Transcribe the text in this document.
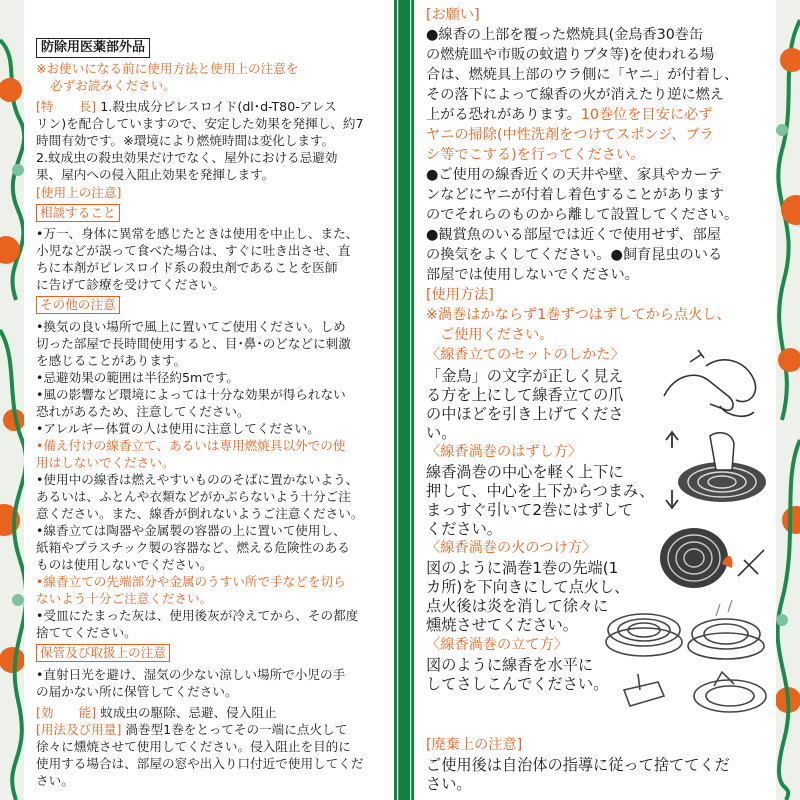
防除用医薬部外品
※お使いになる前に使用方法と使用上の注意を
必ずお読みください。
[特　　長] 1.殺虫成分ピレスロイド(dl･d-T80-アレス
リン)を配合していますので、安定した効果を発揮し、約7
時間有効です。※環境により燃焼時間は変化します。
2.蚊成虫の殺虫効果だけでなく、屋外における忌避効
果、屋内への侵入阻止効果を発揮します。
[使用上の注意]
相談すること
•万一、身体に異常を感じたときは使用を中止し、また、
小児などが誤って食べた場合は、すぐに吐き出させ、直
ちに本剤がピレスロイド系の殺虫剤であることを医師
に告げて診療を受けてください。
その他の注意
•換気の良い場所で風上に置いてご使用ください。しめ
切った部屋で長時間使用すると、目･鼻･のどなどに刺激
を感じることがあります。
•忌避効果の範囲は半径約5mです。
•風の影響など環境によっては十分な効果が得られない
恐れがあるため、注意してください。
•アレルギー体質の人は使用に注意してください。
•備え付けの線香立て、あるいは専用燃焼具以外での使
用はしないでください。
•使用中の線香は燃えやすいもののそばに置かないよう、
あるいは、ふとんや衣類などがかぶらないよう十分ご注
意ください。また、線香が倒れないようご注意ください。
•線香立ては陶器や金属製の容器の上に置いて使用し、
紙箱やプラスチック製の容器など、燃える危険性のある
ものは使用しないでください。
•線香立ての先端部分や金属のうすい所で手などを切ら
ないよう十分ご注意ください。
•受皿にたまった灰は、使用後灰が冷えてから、その都度
捨ててください。
保管及び取扱上の注意
•直射日光を避け、湿気の少ない涼しい場所で小児の手
の届かない所に保管してください。
[効　　能] 蚊成虫の駆除、忌避、侵入阻止
[用法及び用量] 渦巻型1巻をとってその一端に点火して
徐々に燻焼させて使用してください。侵入阻止を目的に
使用する場合は、部屋の窓や出入り口付近で使用してくだ
さい。
[お願い]
●線香の上部を覆った燃焼具(金鳥香30巻缶
の燃焼皿や市販の蚊遣りブタ等)を使われる場
合は、燃焼具上部のウラ側に「ヤニ」が付着し、
その落下によって線香の火が消えたり逆に燃え
上がる恐れがあります。10巻位を目安に必ず
ヤニの掃除(中性洗剤をつけてスポンジ、ブラ
シ等でこする)を行ってください。
●ご使用の線香近くの天井や壁、家具やカーテ
ンなどにヤニが付着し着色することがあります
のでそれらのものから離して設置してください。
●観賞魚のいる部屋では近くで使用せず、部屋
の換気をよくしてください。●飼育昆虫のいる
部屋では使用しないでください。
[使用方法]
※渦巻はかならず1巻ずつはずしてから点火し、
ご使用ください。
〈線香立てのセットのしかた〉
「金鳥」の文字が正しく見え
る方を上にして線香立ての爪
の中ほどを引き上げてくださ
い。
〈線香渦巻のはずし方〉
線香渦巻の中心を軽く上下に
押して、中心を上下からつまみ、
まっすぐ引いて2巻にはずして
ください。
〈線香渦巻の火のつけ方〉
図のように渦巻1巻の先端(1
カ所)を下向きにして点火し、
点火後は炎を消して徐々に
燻焼させてください。
〈線香渦巻の立て方〉
図のように線香を水平に
してさしこんでください。
[廃棄上の注意]
ご使用後は自治体の指導に従って捨ててくだ
さい。
